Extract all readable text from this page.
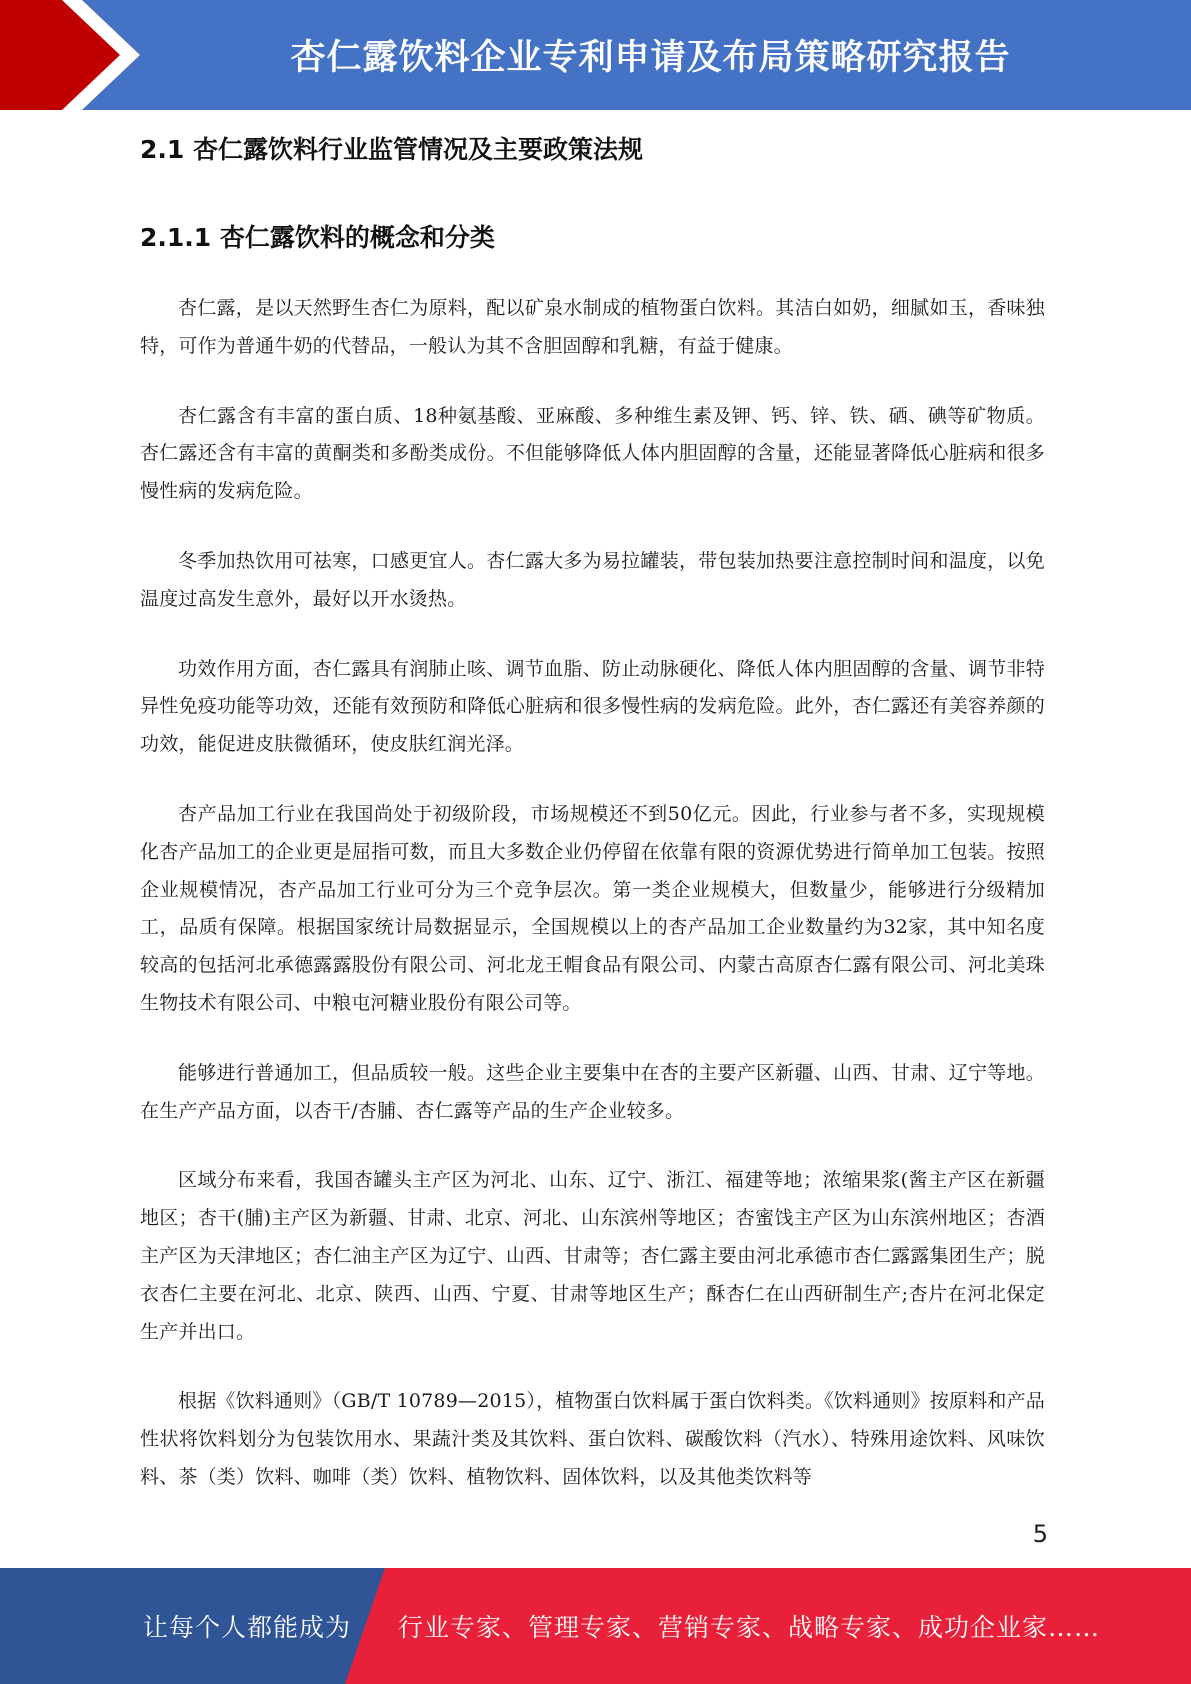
杏仁露饮料企业专利申请及布局策略研究报告
2.1 杏仁露饮料行业监管情况及主要政策法规
2.1.1 杏仁露饮料的概念和分类

杏仁露，是以天然野生杏仁为原料，配以矿泉水制成的植物蛋白饮料。其洁白如奶，细腻如玉，香味独特，可作为普通牛奶的代替品，一般认为其不含胆固醇和乳糖，有益于健康。

杏仁露含有丰富的蛋白质、18种氨基酸、亚麻酸、多种维生素及钾、钙、锌、铁、硒、碘等矿物质。杏仁露还含有丰富的黄酮类和多酚类成份。不但能够降低人体内胆固醇的含量，还能显著降低心脏病和很多慢性病的发病危险。

冬季加热饮用可祛寒，口感更宜人。杏仁露大多为易拉罐装，带包装加热要注意控制时间和温度，以免温度过高发生意外，最好以开水烫热。

功效作用方面，杏仁露具有润肺止咳、调节血脂、防止动脉硬化、降低人体内胆固醇的含量、调节非特异性免疫功能等功效，还能有效预防和降低心脏病和很多慢性病的发病危险。此外，杏仁露还有美容养颜的功效，能促进皮肤微循环，使皮肤红润光泽。

杏产品加工行业在我国尚处于初级阶段，市场规模还不到50亿元。因此，行业参与者不多，实现规模化杏产品加工的企业更是屈指可数，而且大多数企业仍停留在依靠有限的资源优势进行简单加工包装。按照企业规模情况，杏产品加工行业可分为三个竞争层次。第一类企业规模大，但数量少，能够进行分级精加工，品质有保障。根据国家统计局数据显示，全国规模以上的杏产品加工企业数量约为32家，其中知名度较高的包括河北承德露露股份有限公司、河北龙王帽食品有限公司、内蒙古高原杏仁露有限公司、河北美珠生物技术有限公司、中粮屯河糖业股份有限公司等。

能够进行普通加工，但品质较一般。这些企业主要集中在杏的主要产区新疆、山西、甘肃、辽宁等地。在生产产品方面，以杏干/杏脯、杏仁露等产品的生产企业较多。

区域分布来看，我国杏罐头主产区为河北、山东、辽宁、浙江、福建等地；浓缩果浆(酱主产区在新疆地区；杏干(脯)主产区为新疆、甘肃、北京、河北、山东滨州等地区；杏蜜饯主产区为山东滨州地区；杏酒主产区为天津地区；杏仁油主产区为辽宁、山西、甘肃等；杏仁露主要由河北承德市杏仁露露集团生产；脱衣杏仁主要在河北、北京、陕西、山西、宁夏、甘肃等地区生产；酥杏仁在山西研制生产;杏片在河北保定生产并出口。

根据《饮料通则》（GB/T 10789—2015），植物蛋白饮料属于蛋白饮料类。《饮料通则》按原料和产品性状将饮料划分为包装饮用水、果蔬汁类及其饮料、蛋白饮料、碳酸饮料（汽水）、特殊用途饮料、风味饮料、茶（类）饮料、咖啡（类）饮料、植物饮料、固体饮料，以及其他类饮料等

5
让每个人都能成为 行业专家、管理专家、营销专家、战略专家、成功企业家……
